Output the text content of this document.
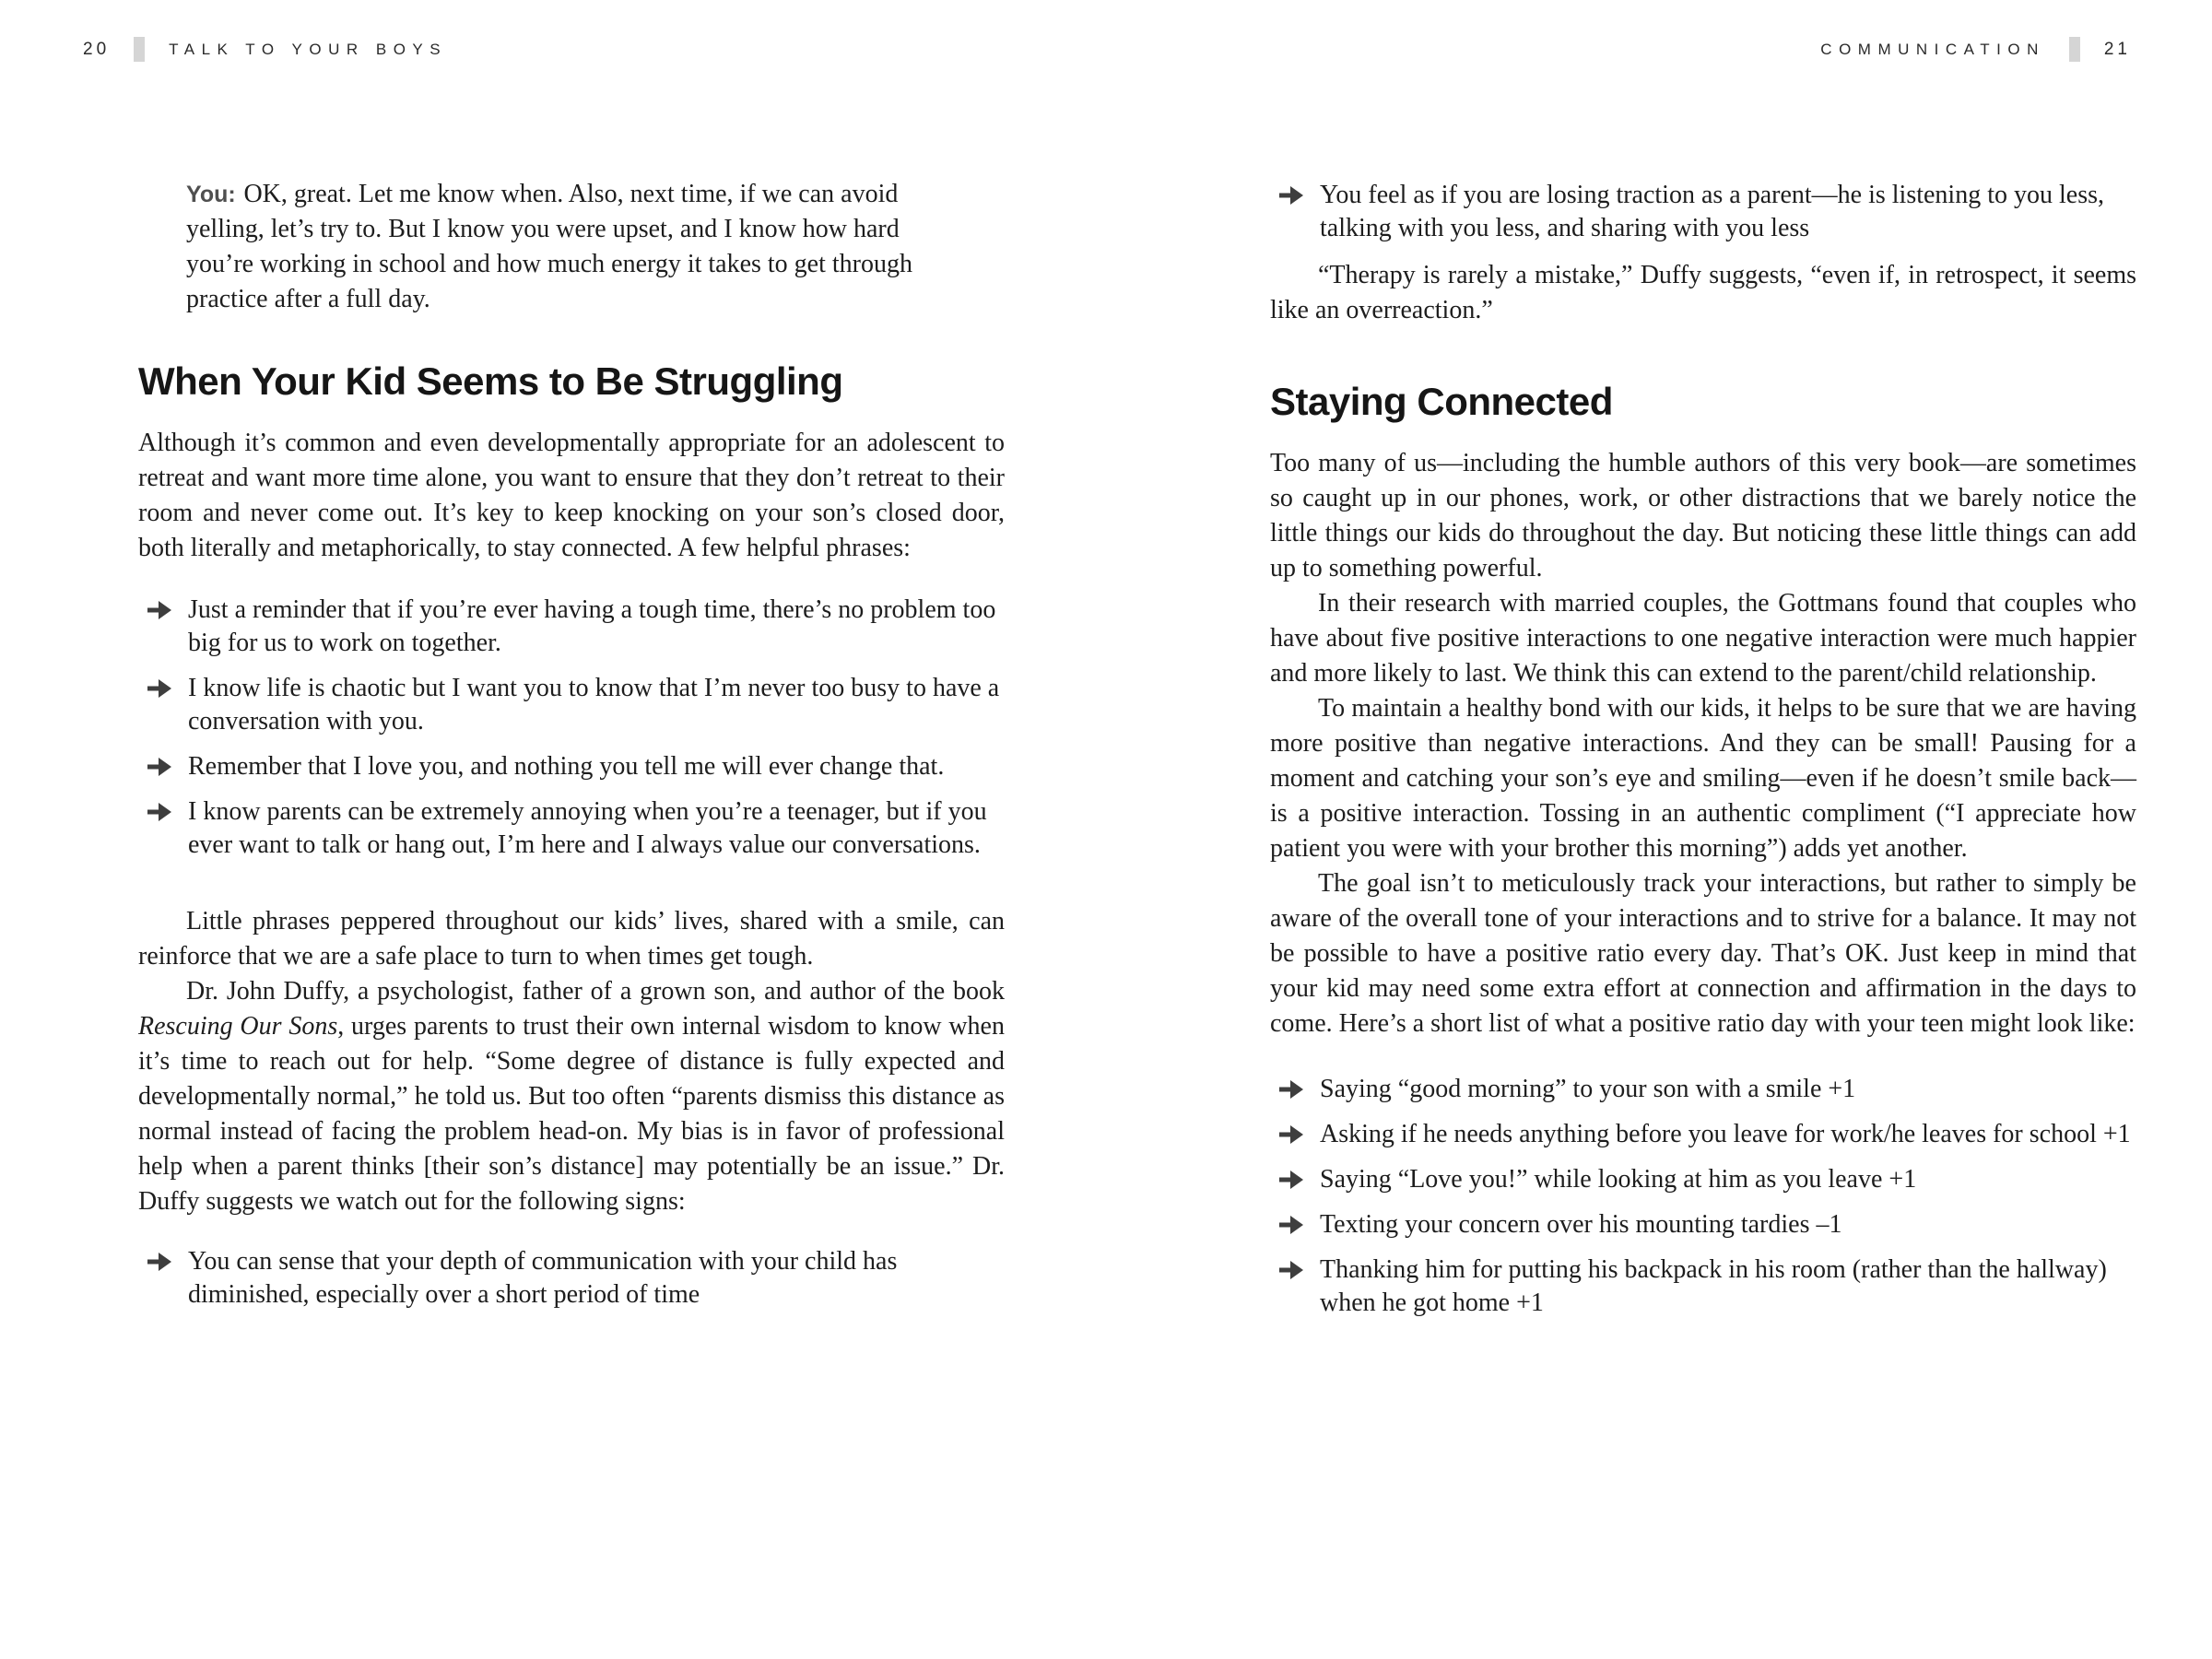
20	TALK TO YOUR BOYS	COMMUNICATION	21
You: OK, great. Let me know when. Also, next time, if we can avoid yelling, let’s try to. But I know you were upset, and I know how hard you’re working in school and how much energy it takes to get through practice after a full day.
When Your Kid Seems to Be Struggling

Although it’s common and even developmentally appropriate for an adolescent to retreat and want more time alone, you want to ensure that they don’t retreat to their room and never come out. It’s key to keep knocking on your son’s closed door, both literally and metaphorically, to stay connected. A few helpful phrases:

Just a reminder that if you’re ever having a tough time, there’s no problem too big for us to work on together.
I know life is chaotic but I want you to know that I’m never too busy to have a conversation with you.
Remember that I love you, and nothing you tell me will ever change that.
I know parents can be extremely annoying when you’re a teenager, but if you ever want to talk or hang out, I’m here and I always value our conversations.

Little phrases peppered throughout our kids’ lives, shared with a smile, can reinforce that we are a safe place to turn to when times get tough.

Dr. John Duffy, a psychologist, father of a grown son, and author of the book Rescuing Our Sons, urges parents to trust their own internal wisdom to know when it’s time to reach out for help. “Some degree of distance is fully expected and developmentally normal,” he told us. But too often “parents dismiss this distance as normal instead of facing the problem head-on. My bias is in favor of professional help when a parent thinks [their son’s distance] may potentially be an issue.” Dr. Duffy suggests we watch out for the following signs:

You can sense that your depth of communication with your child has diminished, especially over a short period of time
You feel as if you are losing traction as a parent—he is listening to you less, talking with you less, and sharing with you less

“Therapy is rarely a mistake,” Duffy suggests, “even if, in retrospect, it seems like an overreaction.”

Staying Connected

Too many of us—including the humble authors of this very book—are sometimes so caught up in our phones, work, or other distractions that we barely notice the little things our kids do throughout the day. But noticing these little things can add up to something powerful.

In their research with married couples, the Gottmans found that couples who have about five positive interactions to one negative interaction were much happier and more likely to last. We think this can extend to the parent/child relationship.

To maintain a healthy bond with our kids, it helps to be sure that we are having more positive than negative interactions. And they can be small! Pausing for a moment and catching your son’s eye and smiling—even if he doesn’t smile back—is a positive interaction. Tossing in an authentic compliment (“I appreciate how patient you were with your brother this morning”) adds yet another.

The goal isn’t to meticulously track your interactions, but rather to simply be aware of the overall tone of your interactions and to strive for a balance. It may not be possible to have a positive ratio every day. That’s OK. Just keep in mind that your kid may need some extra effort at connection and affirmation in the days to come. Here’s a short list of what a positive ratio day with your teen might look like:

Saying “good morning” to your son with a smile +1
Asking if he needs anything before you leave for work/he leaves for school +1
Saying “Love you!” while looking at him as you leave +1
Texting your concern over his mounting tardies –1
Thanking him for putting his backpack in his room (rather than the hallway) when he got home +1
